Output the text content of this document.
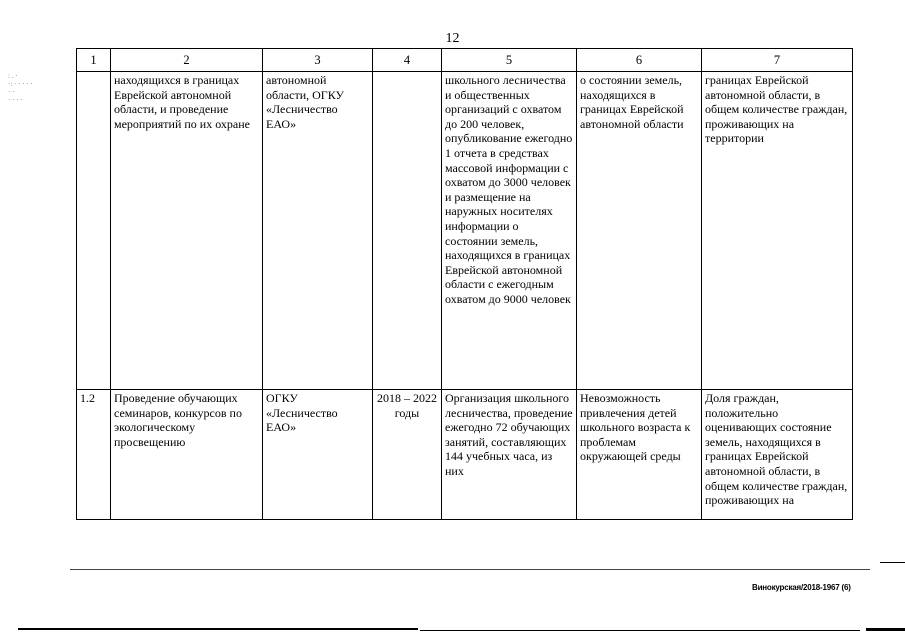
12
1	2	3	4	5	6	7
	находящихся в границах Еврейской автономной области, и проведение мероприятий по их охране	автономной области, ОГКУ «Лесничество ЕАО»		школьного лесничества и общественных организаций с охватом до 200 человек, опубликование ежегодно 1 отчета в средствах массовой информации с охватом до 3000 человек и размещение на наружных носителях информации о состоянии земель, находящихся в границах Еврейской автономной области с ежегодным охватом до 9000 человек	о состоянии земель, находящихся в границах Еврейской автономной области	границах Еврейской автономной области, в общем количестве граждан, проживающих на территории
1.2	Проведение обучающих семинаров, конкурсов по экологическому просвещению	ОГКУ «Лесничество ЕАО»	2018 – 2022 годы	Организация школьного лесничества, проведение ежегодно 72 обучающих занятий, составляющих 144 учебных часа, из них	Невозможность привлечения детей школьного возраста к проблемам окружающей среды	Доля граждан, положительно оценивающих состояние земель, находящихся в границах Еврейской автономной области, в общем количестве граждан, проживающих на
: . ·
·: · · · · ·
· ·
· · · ·
Винокурская/2018-1967 (6)
